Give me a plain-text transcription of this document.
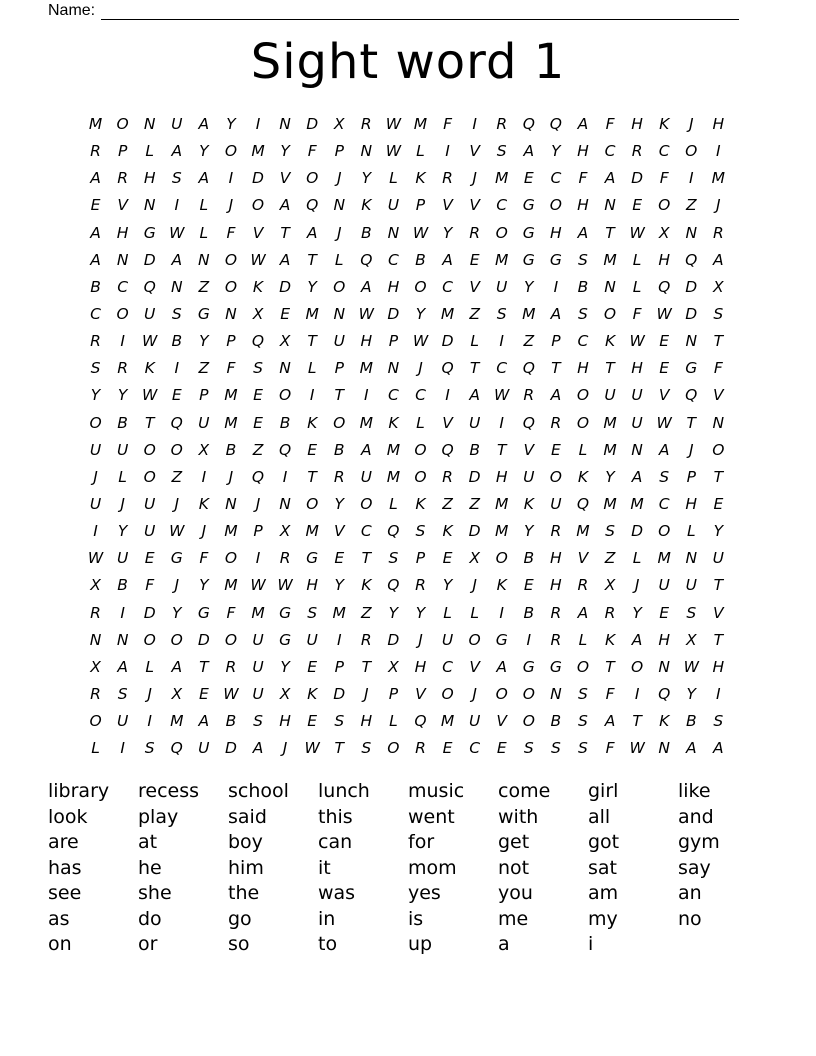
Name:
Sight word 1
M O N	U	A	Y	I	N D	X	R W M	F	I	R	Q Q	A	F	H	K	J	H
R	P	L	A	Y	O M	Y	F	P	N W L	I	V	S	A	Y	H	C	R	C	O	I
A	R	H	S	A	I	D	V	O	J	Y	L	K	R	J	M	E	C	F	A	D	F	I	M
E	V	N	I	L	J	O	A	Q N	K	U	P	V	V	C	G O H N	E	O	Z	J
A	H G W L	F	V	T	A	J	B	N W Y	R	O G H	A	T W X	N	R
A	N D	A	N O W A	T	L	Q	C	B	A	E M G G	S M	L	H Q	A
B	C	Q N	Z	O	K	D	Y	O	A	H O	C	V	U	Y	I	B	N	L	Q D	X
C	O U	S	G N	X	E M N W D	Y	M Z	S M A	S	O	F W D	S
R	I	W B	Y	P	Q	X	T	U	H	P W D	L	I	Z	P	C	K W E	N	T
S	R	K	I	Z	F	S	N	L	P	M N	J	Q	T	C	Q	T	H	T	H	E	G	F
Y	Y W E	P	M	E	O	I	T	I	C	C	I	A W R	A	O U	U	V	Q	V
O	B	T	Q U M	E	B	K	O M K	L	V	U	I	Q	R	O M U W T	N
U	U O O	X	B	Z	Q	E	B	A M O Q	B	T	V	E	L	M N	A	J	O
J	L	O	Z	I	J	Q	I	T	R	U M O	R	D H	U O	K	Y	A	S	P	T
U	J	U	J	K	N	J	N O	Y	O	L	K	Z	Z M K	U Q M M C	H	E
I	Y	U W	J	M	P	X M V	C	Q	S	K	D M	Y	R M S	D O	L	Y
W U	E	G	F	O	I	R	G	E	T	S	P	E	X	O	B	H	V	Z	L	M N	U
X	B	F	J	Y	M W W H	Y	K	Q	R	Y	J	K	E	H	R	X	J	U	U	T
R	I	D	Y	G	F	M G	S M Z	Y	Y	L	L	I	B	R	A	R	Y	E	S	V
N N O O D O U G U	I	R	D	J	U O G	I	R	L	K	A	H	X	T
X	A	L	A	T	R	U	Y	E	P	T	X	H	C	V	A	G G O	T	O N W H
R	S	J	X	E W U	X	K	D	J	P	V	O	J	O O N	S	F	I	Q	Y	I
O U	I	M A	B	S	H	E	S	H	L	Q M U	V	O	B	S	A	T	K	B	S
L	I	S	Q U D	A	J	W T	S	O	R	E	C	E	S	S	S	F W N	A	A
library	recess	school	lunch	music	come	girl	like
look	play	said	this	went	with	all	and
are	at	boy	can	for	get	got	gym
has	he	him	it	mom	not	sat	say
see	she	the	was	yes	you	am	an
as	do	go	in	is	me	my	no
on	or	so	to	up	a	i
